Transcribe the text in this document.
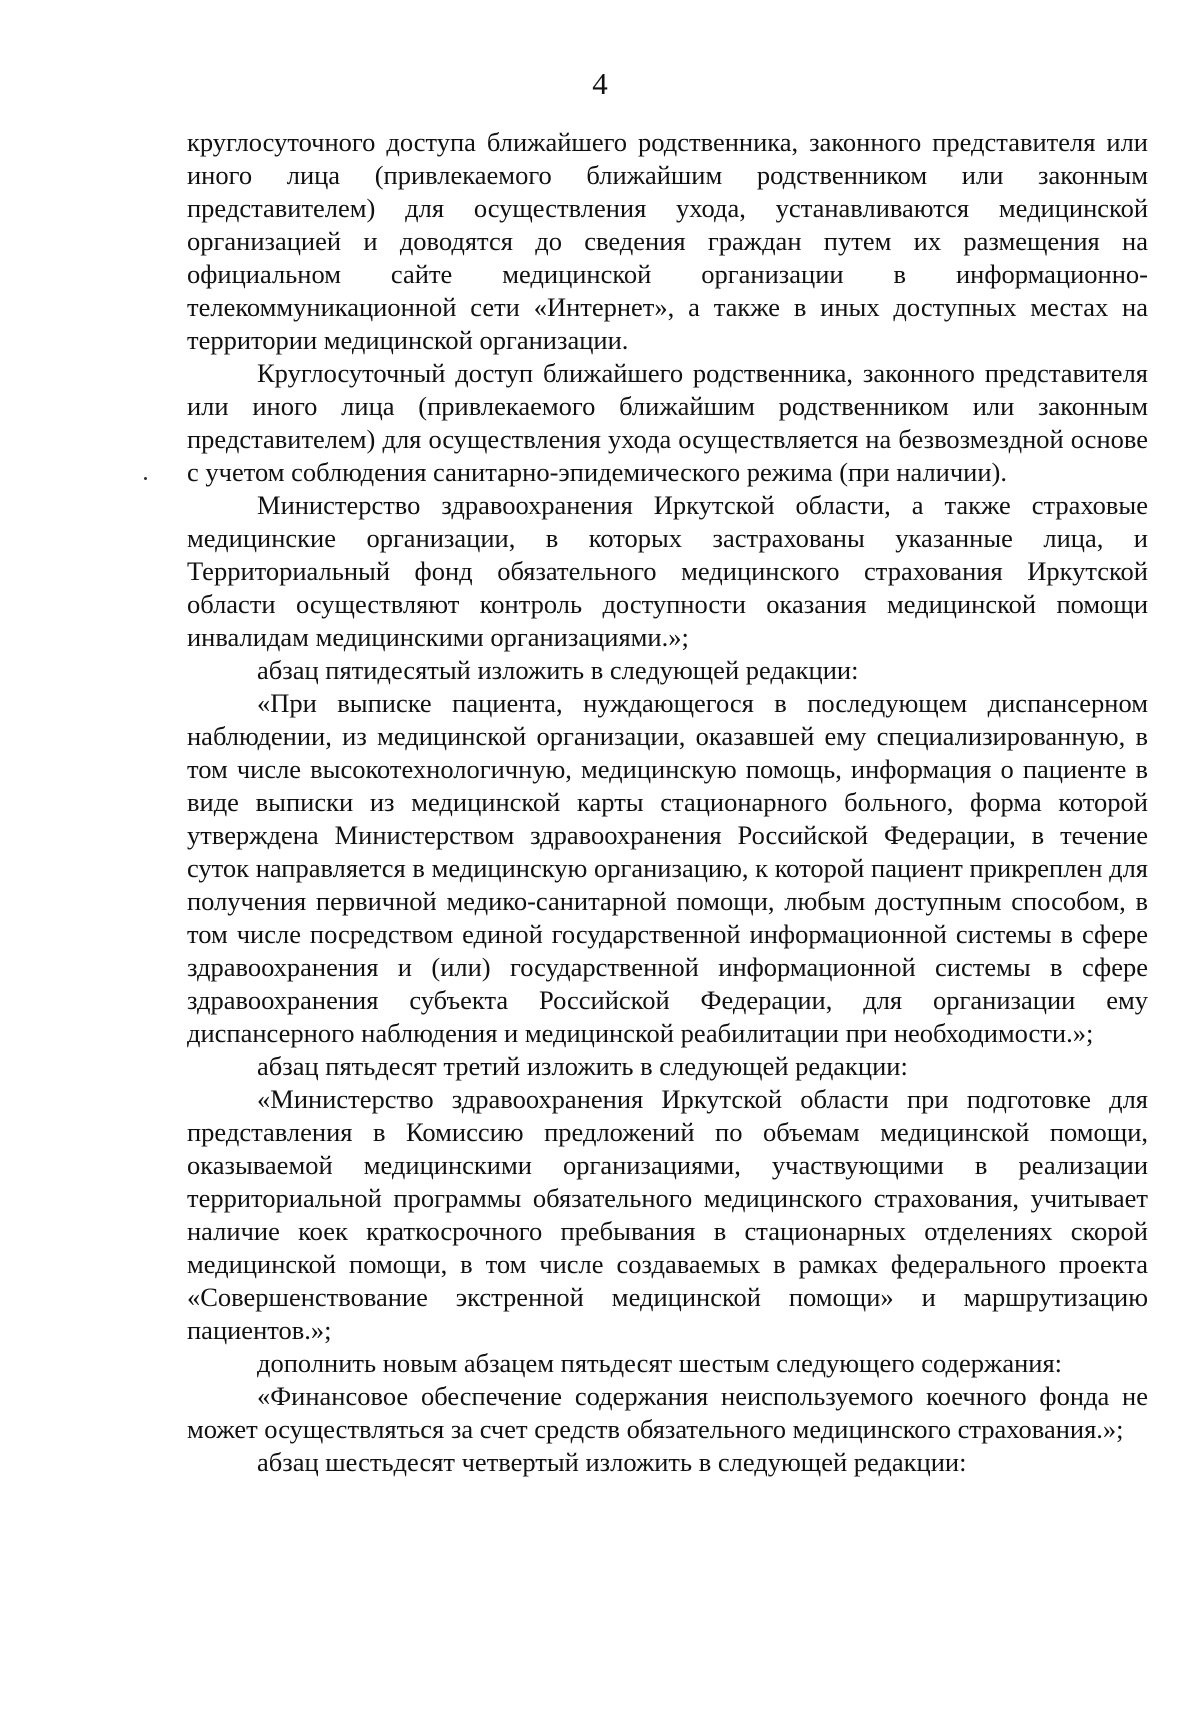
4

круглосуточного доступа ближайшего родственника, законного представителя или иного лица (привлекаемого ближайшим родственником или законным представителем) для осуществления ухода, устанавливаются медицинской организацией и доводятся до сведения граждан путем их размещения на официальном сайте медицинской организации в информационно-телекоммуникационной сети «Интернет», а также в иных доступных местах на территории медицинской организации.

Круглосуточный доступ ближайшего родственника, законного представителя или иного лица (привлекаемого ближайшим родственником или законным представителем) для осуществления ухода осуществляется на безвозмездной основе с учетом соблюдения санитарно-эпидемического режима (при наличии).

Министерство здравоохранения Иркутской области, а также страховые медицинские организации, в которых застрахованы указанные лица, и Территориальный фонд обязательного медицинского страхования Иркутской области осуществляют контроль доступности оказания медицинской помощи инвалидам медицинскими организациями.»;

абзац пятидесятый изложить в следующей редакции:

«При выписке пациента, нуждающегося в последующем диспансерном наблюдении, из медицинской организации, оказавшей ему специализированную, в том числе высокотехнологичную, медицинскую помощь, информация о пациенте в виде выписки из медицинской карты стационарного больного, форма которой утверждена Министерством здравоохранения Российской Федерации, в течение суток направляется в медицинскую организацию, к которой пациент прикреплен для получения первичной медико-санитарной помощи, любым доступным способом, в том числе посредством единой государственной информационной системы в сфере здравоохранения и (или) государственной информационной системы в сфере здравоохранения субъекта Российской Федерации, для организации ему диспансерного наблюдения и медицинской реабилитации при необходимости.»;

абзац пятьдесят третий изложить в следующей редакции:

«Министерство здравоохранения Иркутской области при подготовке для представления в Комиссию предложений по объемам медицинской помощи, оказываемой медицинскими организациями, участвующими в реализации территориальной программы обязательного медицинского страхования, учитывает наличие коек краткосрочного пребывания в стационарных отделениях скорой медицинской помощи, в том числе создаваемых в рамках федерального проекта «Совершенствование экстренной медицинской помощи» и маршрутизацию пациентов.»;

дополнить новым абзацем пятьдесят шестым следующего содержания:

«Финансовое обеспечение содержания неиспользуемого коечного фонда не может осуществляться за счет средств обязательного медицинского страхования.»;

абзац шестьдесят четвертый изложить в следующей редакции:
